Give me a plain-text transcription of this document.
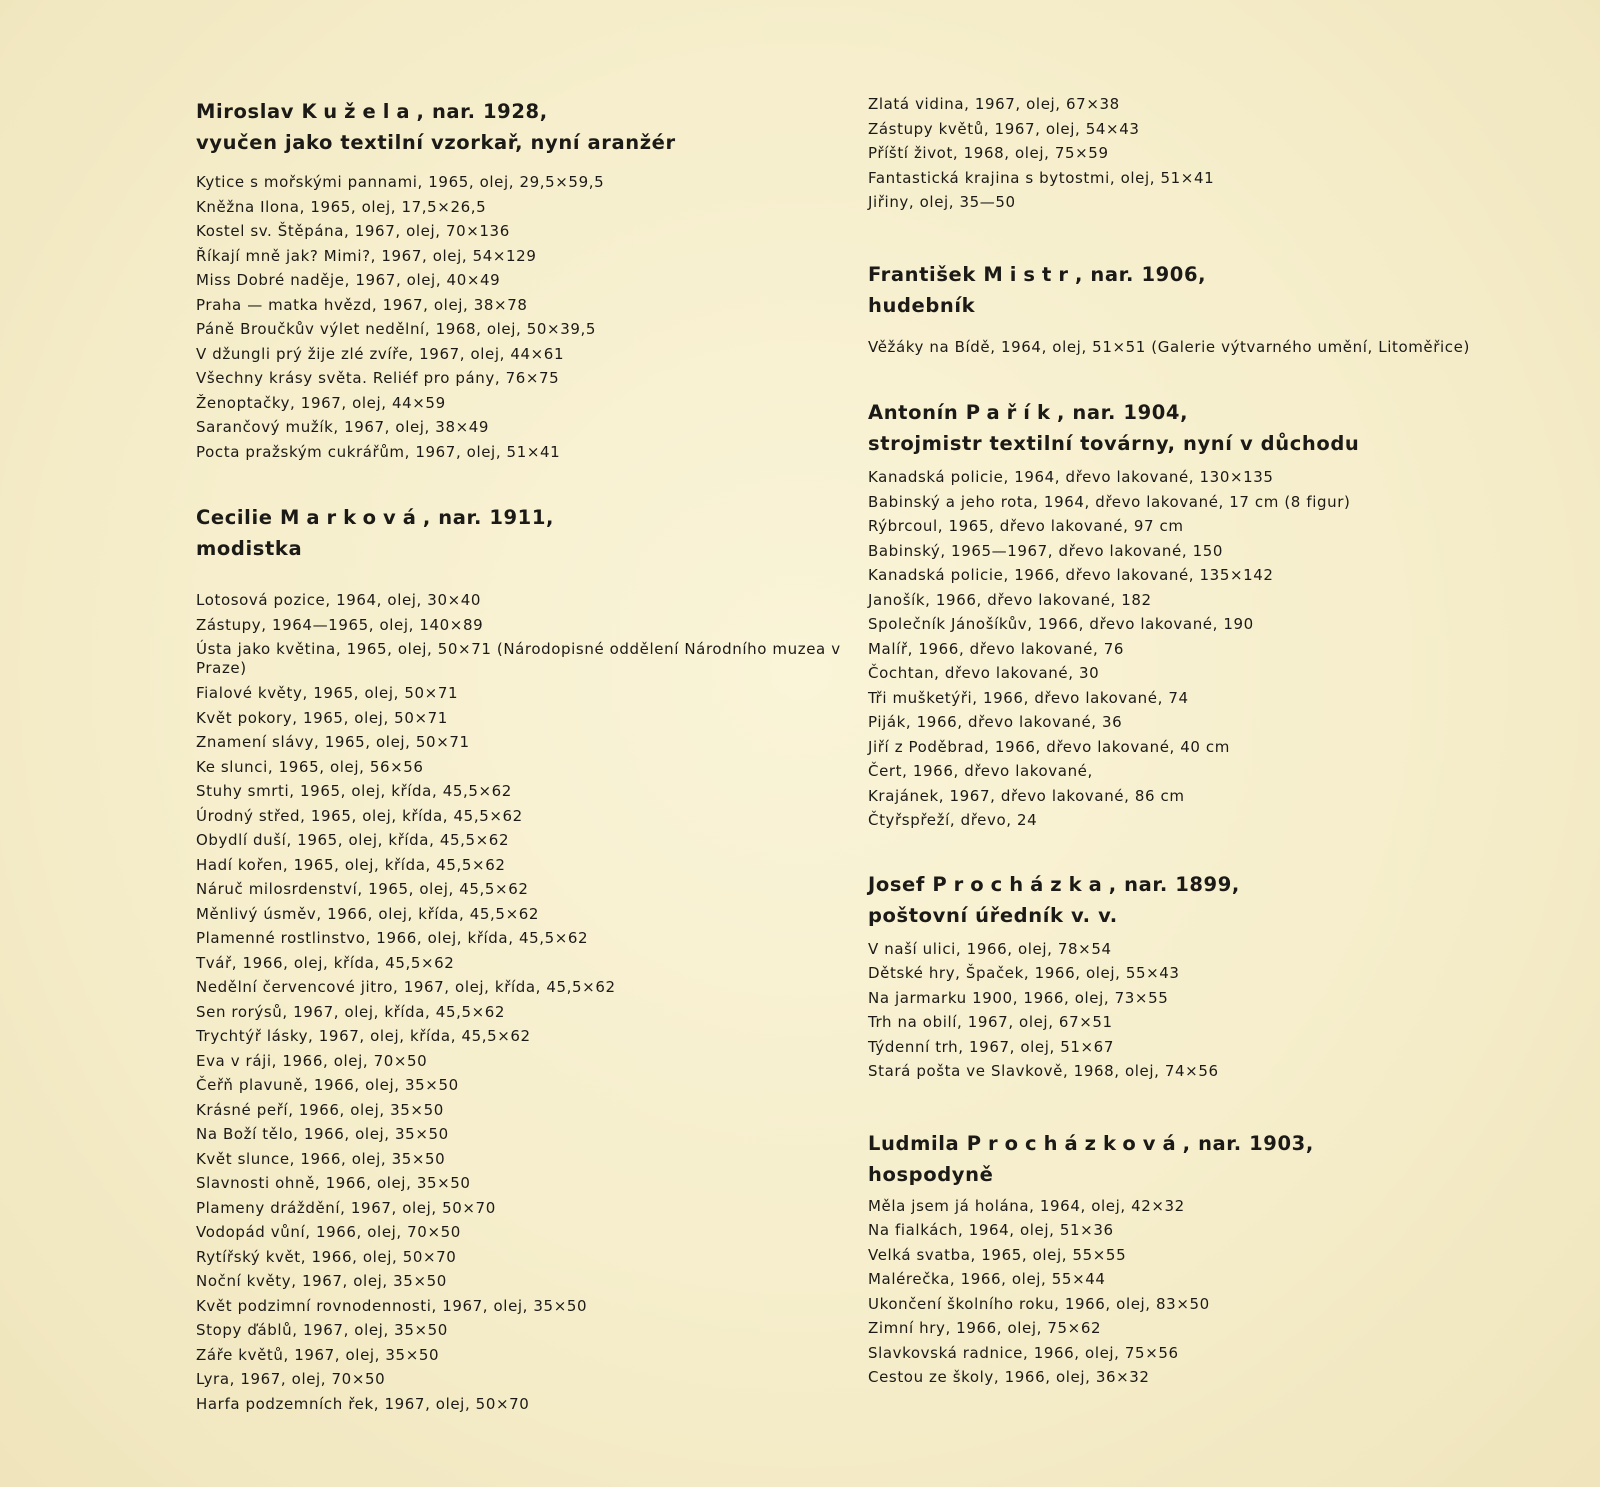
Miroslav Kužela, nar. 1928,
vyučen jako textilní vzorkař, nyní aranžér
Kytice s mořskými pannami, 1965, olej, 29,5×59,5
Kněžna Ilona, 1965, olej, 17,5×26,5
Kostel sv. Štěpána, 1967, olej, 70×136
Říkají mně jak? Mimi?, 1967, olej, 54×129
Miss Dobré naděje, 1967, olej, 40×49
Praha — matka hvězd, 1967, olej, 38×78
Páně Broučkův výlet nedělní, 1968, olej, 50×39,5
V džungli prý žije zlé zvíře, 1967, olej, 44×61
Všechny krásy světa. Reliéf pro pány, 76×75
Ženoptačky, 1967, olej, 44×59
Sarančový mužík, 1967, olej, 38×49
Pocta pražským cukrářům, 1967, olej, 51×41
Cecilie Marková, nar. 1911,
modistka
Lotosová pozice, 1964, olej, 30×40
Zástupy, 1964—1965, olej, 140×89
Ústa jako květina, 1965, olej, 50×71 (Národopisné oddělení Národního muzea v Praze)
Fialové květy, 1965, olej, 50×71
Květ pokory, 1965, olej, 50×71
Znamení slávy, 1965, olej, 50×71
Ke slunci, 1965, olej, 56×56
Stuhy smrti, 1965, olej, křída, 45,5×62
Úrodný střed, 1965, olej, křída, 45,5×62
Obydlí duší, 1965, olej, křída, 45,5×62
Hadí kořen, 1965, olej, křída, 45,5×62
Náruč milosrdenství, 1965, olej, 45,5×62
Měnlivý úsměv, 1966, olej, křída, 45,5×62
Plamenné rostlinstvo, 1966, olej, křída, 45,5×62
Tvář, 1966, olej, křída, 45,5×62
Nedělní červencové jitro, 1967, olej, křída, 45,5×62
Sen rorýsů, 1967, olej, křída, 45,5×62
Trychtýř lásky, 1967, olej, křída, 45,5×62
Eva v ráji, 1966, olej, 70×50
Čeřň plavuně, 1966, olej, 35×50
Krásné peří, 1966, olej, 35×50
Na Boží tělo, 1966, olej, 35×50
Květ slunce, 1966, olej, 35×50
Slavnosti ohně, 1966, olej, 35×50
Plameny dráždění, 1967, olej, 50×70
Vodopád vůní, 1966, olej, 70×50
Rytířský květ, 1966, olej, 50×70
Noční květy, 1967, olej, 35×50
Květ podzimní rovnodennosti, 1967, olej, 35×50
Stopy ďáblů, 1967, olej, 35×50
Záře květů, 1967, olej, 35×50
Lyra, 1967, olej, 70×50
Harfa podzemních řek, 1967, olej, 50×70
Zlatá vidina, 1967, olej, 67×38
Zástupy květů, 1967, olej, 54×43
Příští život, 1968, olej, 75×59
Fantastická krajina s bytostmi, olej, 51×41
Jiřiny, olej, 35—50
František Mistr, nar. 1906,
hudebník
Věžáky na Bídě, 1964, olej, 51×51 (Galerie výtvarného umění, Litoměřice)
Antonín Pařík, nar. 1904,
strojmistr textilní továrny, nyní v důchodu
Kanadská policie, 1964, dřevo lakované, 130×135
Babinský a jeho rota, 1964, dřevo lakované, 17 cm (8 figur)
Rýbrcoul, 1965, dřevo lakované, 97 cm
Babinský, 1965—1967, dřevo lakované, 150
Kanadská policie, 1966, dřevo lakované, 135×142
Janošík, 1966, dřevo lakované, 182
Společník Jánošíkův, 1966, dřevo lakované, 190
Malíř, 1966, dřevo lakované, 76
Čochtan, dřevo lakované, 30
Tři mušketýři, 1966, dřevo lakované, 74
Piják, 1966, dřevo lakované, 36
Jiří z Poděbrad, 1966, dřevo lakované, 40 cm
Čert, 1966, dřevo lakované,
Krajánek, 1967, dřevo lakované, 86 cm
Čtyřspřeží, dřevo, 24
Josef Procházka, nar. 1899,
poštovní úředník v. v.
V naší ulici, 1966, olej, 78×54
Dětské hry, Špaček, 1966, olej, 55×43
Na jarmarku 1900, 1966, olej, 73×55
Trh na obilí, 1967, olej, 67×51
Týdenní trh, 1967, olej, 51×67
Stará pošta ve Slavkově, 1968, olej, 74×56
Ludmila Procházková, nar. 1903,
hospodyně
Měla jsem já holána, 1964, olej, 42×32
Na fialkách, 1964, olej, 51×36
Velká svatba, 1965, olej, 55×55
Malérečka, 1966, olej, 55×44
Ukončení školního roku, 1966, olej, 83×50
Zimní hry, 1966, olej, 75×62
Slavkovská radnice, 1966, olej, 75×56
Cestou ze školy, 1966, olej, 36×32
